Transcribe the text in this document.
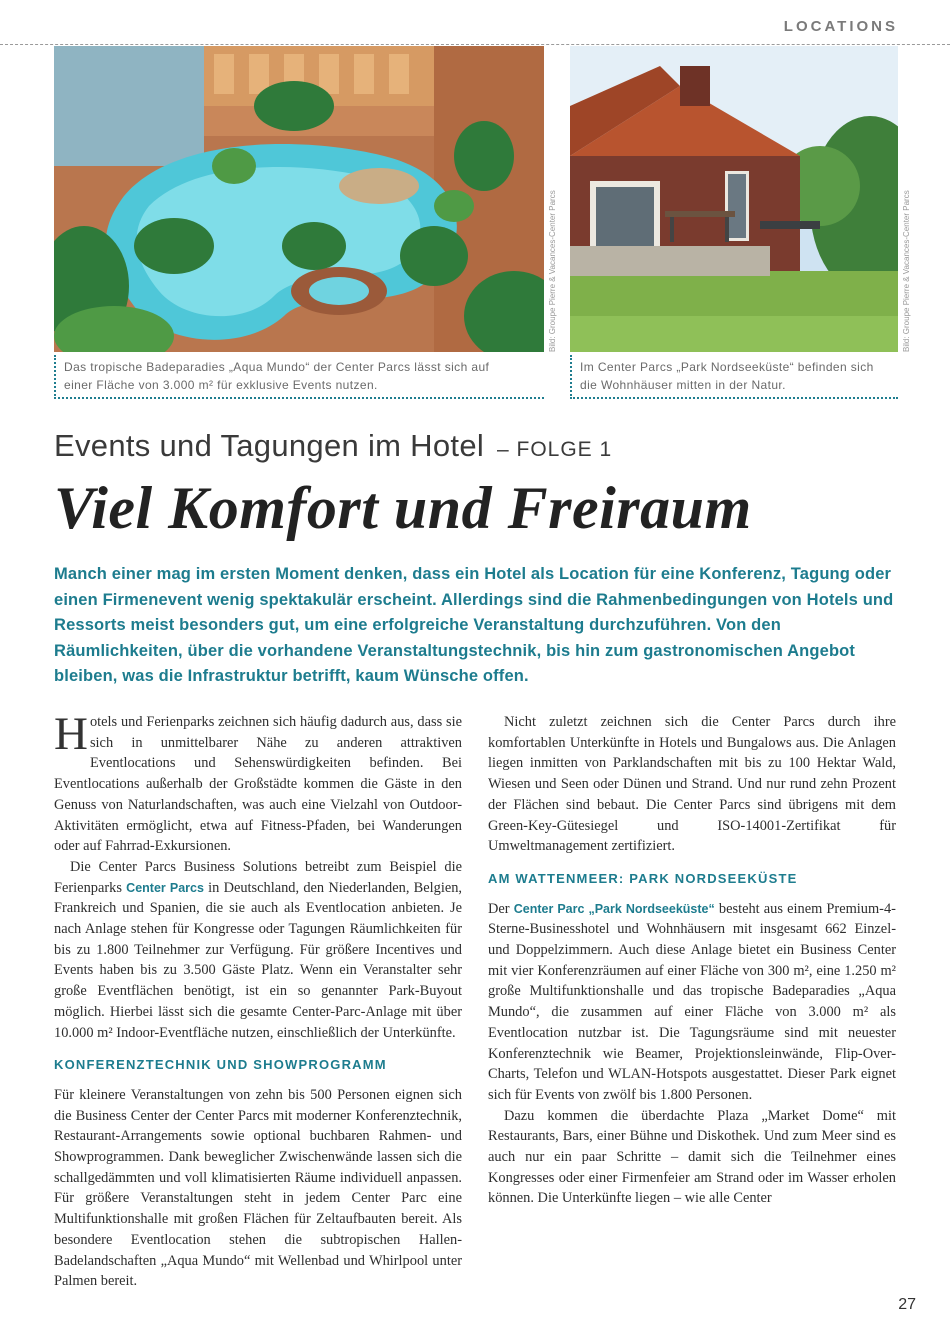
LOCATIONS
Bild: Groupe Pierre & Vacances-Center Parcs	Bild: Groupe Pierre & Vacances-Center Parcs
Das tropische Badeparadies „Aqua Mundo“ der Center Parcs lässt sich auf
einer Fläche von 3.000 m² für exklusive Events nutzen.
Im Center Parcs „Park Nordseeküste“ befinden sich
die Wohnhäuser mitten in der Natur.
Events und Tagungen im Hotel – FOLGE 1
Viel Komfort und Freiraum

Manch einer mag im ersten Moment denken, dass ein Hotel als Location für eine Konferenz, Tagung oder einen Firmenevent wenig spektakulär erscheint. Allerdings sind die Rahmenbedingungen von Hotels und Ressorts meist besonders gut, um eine erfolgreiche Veranstaltung durchzuführen. Von den Räumlichkeiten, über die vorhandene Veranstaltungstechnik, bis hin zum gastronomischen Angebot bleiben, was die Infrastruktur betrifft, kaum Wünsche offen.

Hotels und Ferienparks zeichnen sich häufig dadurch aus, dass sie sich in unmittelbarer Nähe zu anderen attraktiven Eventlocations und Sehenswürdigkeiten befinden. Bei Eventlocations außerhalb der Großstädte kommen die Gäste in den Genuss von Naturlandschaften, was auch eine Vielzahl von Outdoor-Aktivitäten ermöglicht, etwa auf Fitness-Pfaden, bei Wanderungen oder auf Fahrrad-Exkursionen.

Die Center Parcs Business Solutions betreibt zum Beispiel die Ferienparks Center Parcs in Deutschland, den Niederlanden, Belgien, Frankreich und Spanien, die sie auch als Eventlocation anbieten. Je nach Anlage stehen für Kongresse oder Tagungen Räumlichkeiten für bis zu 1.800 Teilnehmer zur Verfügung. Für größere Incentives und Events haben bis zu 3.500 Gäste Platz. Wenn ein Veranstalter sehr große Eventflächen benötigt, ist ein so genannter Park-Buyout möglich. Hierbei lässt sich die gesamte Center-Parc-Anlage mit über 10.000 m² Indoor-Eventfläche nutzen, einschließlich der Unterkünfte.

KONFERENZTECHNIK UND SHOWPROGRAMM

Für kleinere Veranstaltungen von zehn bis 500 Personen eignen sich die Business Center der Center Parcs mit moderner Konferenztechnik, Restaurant-Arrangements sowie optional buchbaren Rahmen- und Showprogrammen. Dank beweglicher Zwischenwände lassen sich die schallgedämmten und voll klimatisierten Räume individuell anpassen. Für größere Veranstaltungen steht in jedem Center Parc eine Multifunktionshalle mit großen Flächen für Zeltaufbauten bereit. Als besondere Eventlocation stehen die subtropischen Hallen-Badelandschaften „Aqua Mundo“ mit Wellenbad und Whirlpool unter Palmen bereit.

Nicht zuletzt zeichnen sich die Center Parcs durch ihre komfortablen Unterkünfte in Hotels und Bungalows aus. Die Anlagen liegen inmitten von Parklandschaften mit bis zu 100 Hektar Wald, Wiesen und Seen oder Dünen und Strand. Und nur rund zehn Prozent der Flächen sind bebaut. Die Center Parcs sind übrigens mit dem Green-Key-Gütesiegel und ISO-14001-Zertifikat für Umweltmanagement zertifiziert.

AM WATTENMEER: PARK NORDSEEKÜSTE

Der Center Parc „Park Nordseeküste“ besteht aus einem Premium-4-Sterne-Businesshotel und Wohnhäusern mit insgesamt 662 Einzel- und Doppelzimmern. Auch diese Anlage bietet ein Business Center mit vier Konferenzräumen auf einer Fläche von 300 m², eine 1.250 m² große Multifunktionshalle und das tropische Badeparadies „Aqua Mundo“, die zusammen auf einer Fläche von 3.000 m² als Eventlocation nutzbar ist. Die Tagungsräume sind mit neuester Konferenztechnik wie Beamer, Projektionsleinwände, Flip-Over-Charts, Telefon und WLAN-Hotspots ausgestattet. Dieser Park eignet sich für Events von zwölf bis 1.800 Personen.

Dazu kommen die überdachte Plaza „Market Dome“ mit Restaurants, Bars, einer Bühne und Diskothek. Und zum Meer sind es auch nur ein paar Schritte – damit sich die Teilnehmer eines Kongresses oder einer Firmenfeier am Strand oder im Wasser erholen können. Die Unterkünfte liegen – wie alle Center

27
